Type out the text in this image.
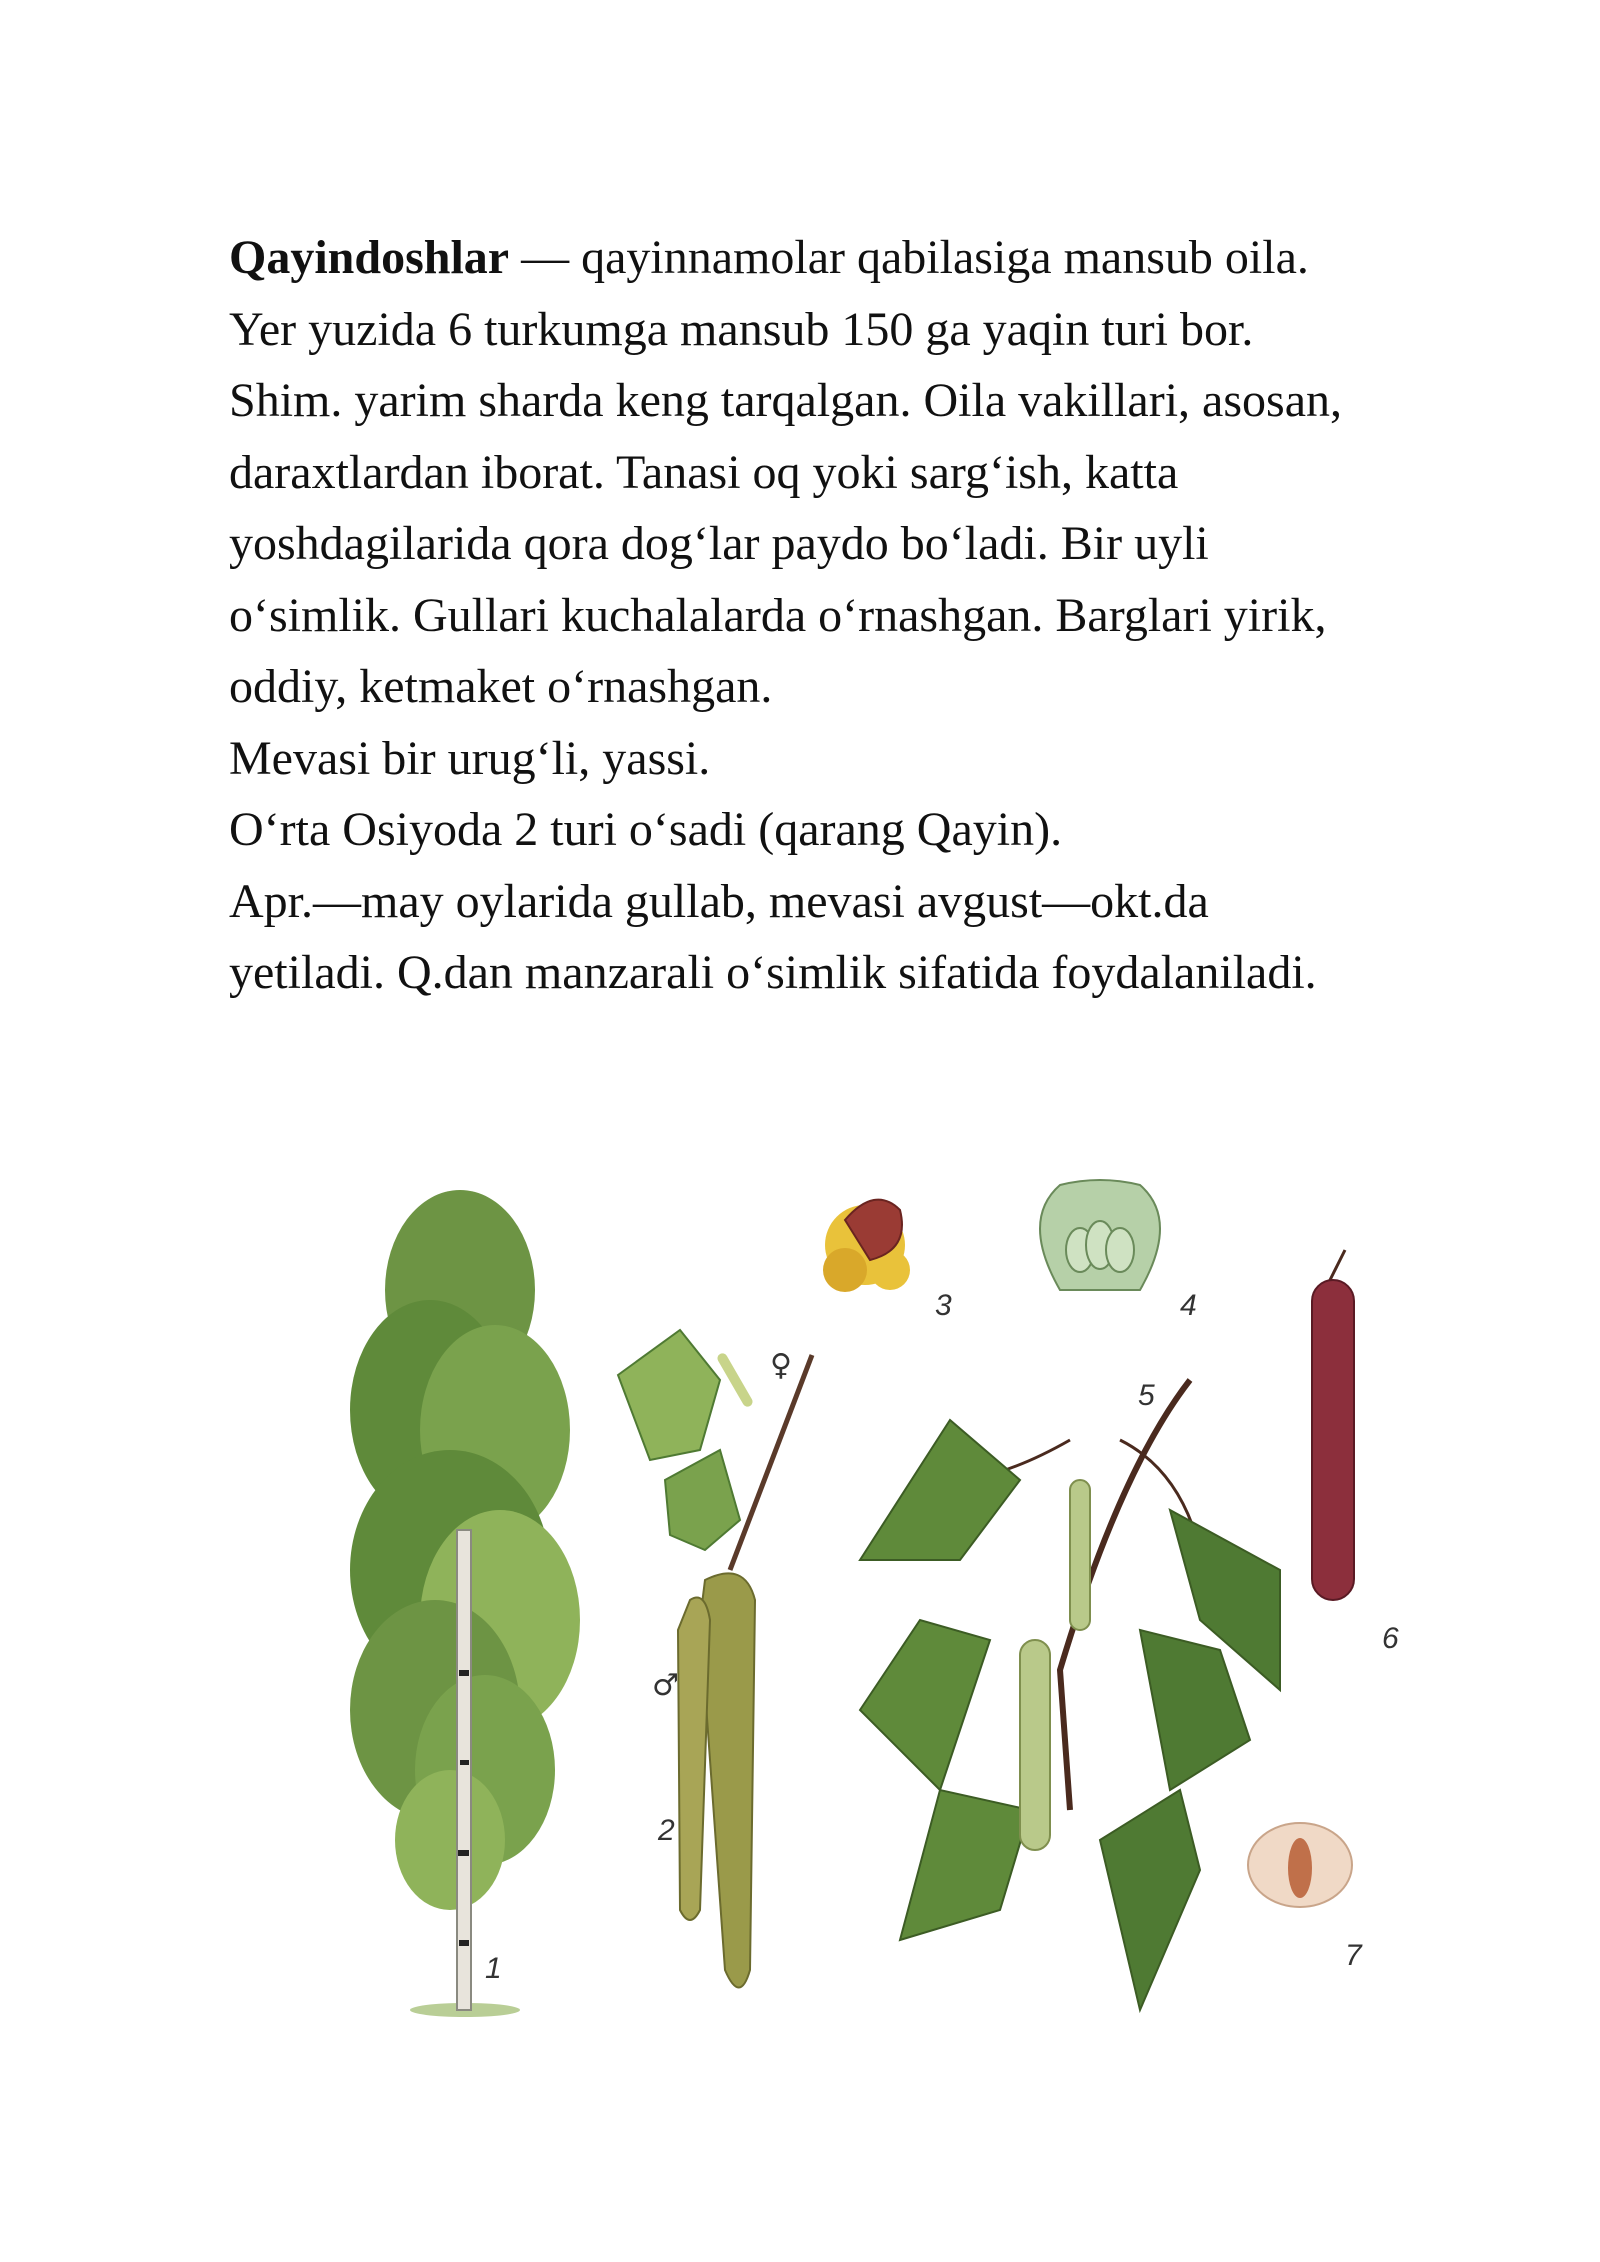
Qayindoshlar — qayinnamolar qabilasiga mansub oila.
Yer yuzida 6 turkumga mansub 150 ga yaqin turi bor.
Shim. yarim sharda keng tarqalgan. Oila vakillari, asosan,
daraxtlardan iborat. Tanasi oq yoki sargʻish, katta
yoshdagilarida qora dogʻlar paydo boʻladi. Bir uyli
oʻsimlik. Gullari kuchalalarda oʻrnashgan. Barglari yirik,
oddiy, ketmaket oʻrnashgan.
Mevasi bir urugʻli, yassi.
Oʻrta Osiyoda 2 turi oʻsadi (qarang Qayin).
Apr.—may oylarida gullab, mevasi avgust—okt.da
yetiladi. Q.dan manzarali oʻsimlik sifatida foydalaniladi.
1
♀
♂
2
3	4
5
6
7
